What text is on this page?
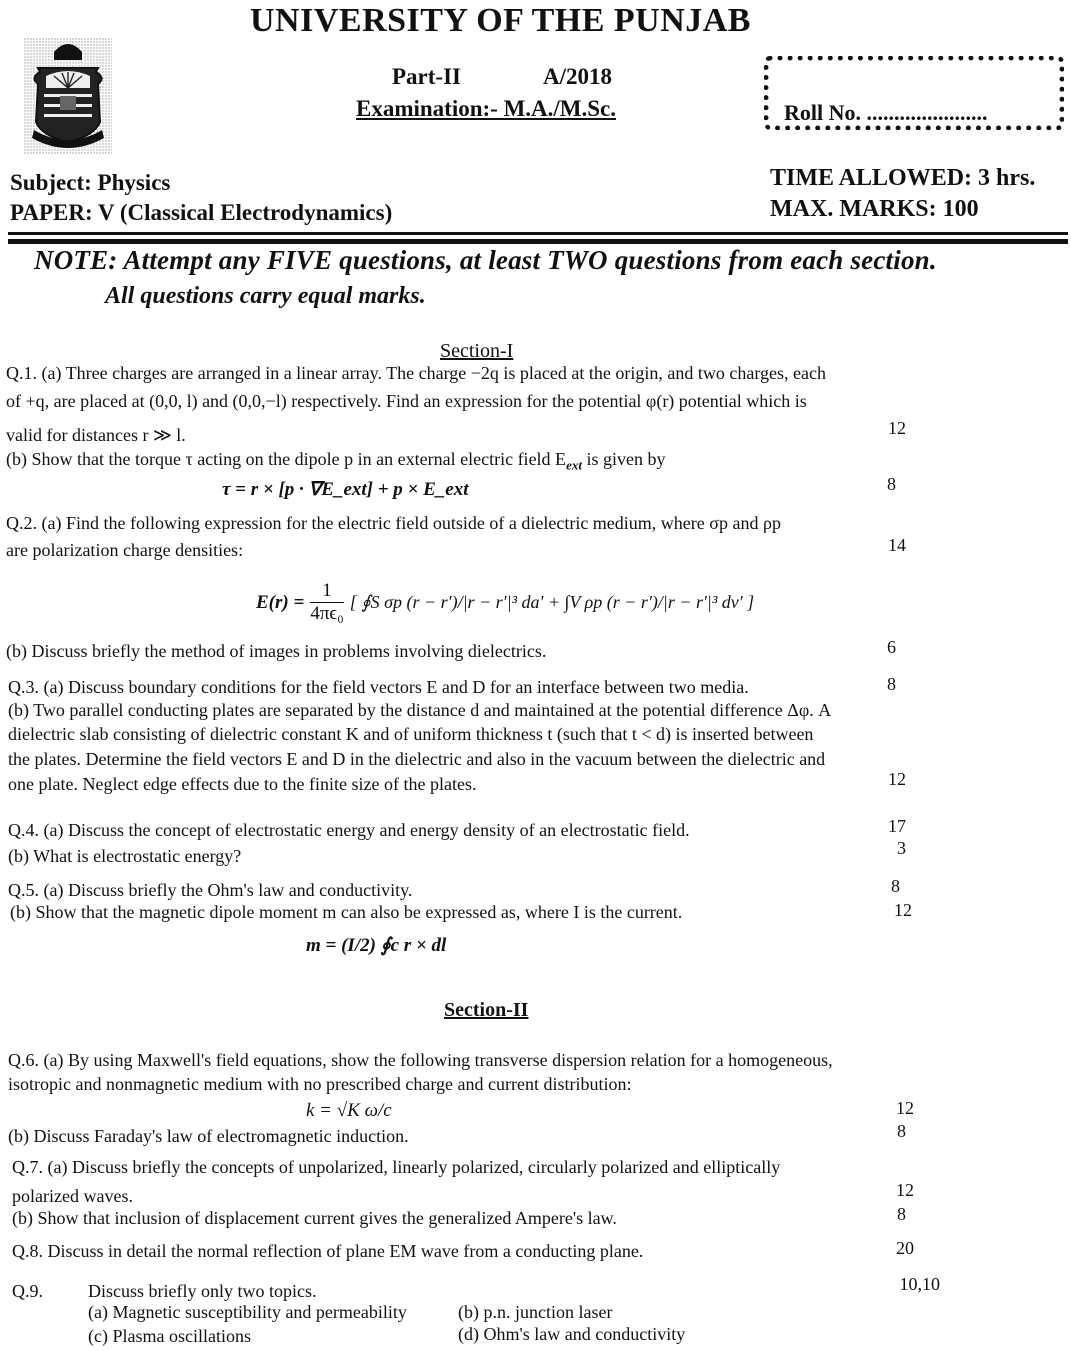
UNIVERSITY OF THE PUNJAB
Part-II	A/2018
Examination:- M.A./M.Sc.	Roll No. ......................
Subject: Physics
PAPER: V (Classical Electrodynamics)
TIME ALLOWED: 3 hrs.
MAX. MARKS: 100
NOTE: Attempt any FIVE questions, at least TWO questions from each section.
All questions carry equal marks.
Section-I
Q.1. (a) Three charges are arranged in a linear array. The charge −2q is placed at the origin, and two charges, each
of +q, are placed at (0,0, l) and (0,0,−l) respectively. Find an expression for the potential φ(r) potential which is
valid for distances r ≫ l.	12
(b) Show that the torque τ acting on the dipole p in an external electric field $E_{ext}$ is given by
τ = r × [p · ∇E_ext] + p × E_ext	8
Q.2. (a) Find the following expression for the electric field outside of a dielectric medium, where σp and ρp
are polarization charge densities:	14
$E(r) = \frac{1}{\text{4πϵ₀}}$ [ ∮S σp (r − r′)/|r − r′|³ da′ + ∫V ρp (r − r′)/|r − r′|³ dv′ ]
(b) Discuss briefly the method of images in problems involving dielectrics.	6
Q.3. (a) Discuss boundary conditions for the field vectors E and D for an interface between two media.	8
(b) Two parallel conducting plates are separated by the distance d and maintained at the potential difference Δφ. A
dielectric slab consisting of dielectric constant K and of uniform thickness t (such that t < d) is inserted between
the plates. Determine the field vectors E and D in the dielectric and also in the vacuum between the dielectric and
one plate. Neglect edge effects due to the finite size of the plates.	12
Q.4. (a) Discuss the concept of electrostatic energy and energy density of an electrostatic field.	17
(b) What is electrostatic energy?	3
Q.5. (a) Discuss briefly the Ohm's law and conductivity.	8
(b) Show that the magnetic dipole moment m can also be expressed as, where I is the current.	12
m = (I/2) ∮c r × dl
Section-II
Q.6. (a) By using Maxwell's field equations, show the following transverse dispersion relation for a homogeneous,
isotropic and nonmagnetic medium with no prescribed charge and current distribution:
k = √K ω/c	12
(b) Discuss Faraday's law of electromagnetic induction.	8
Q.7. (a) Discuss briefly the concepts of unpolarized, linearly polarized, circularly polarized and elliptically
polarized waves.	12
(b) Show that inclusion of displacement current gives the generalized Ampere's law.	8
Q.8. Discuss in detail the normal reflection of plane EM wave from a conducting plane.	20
Q.9.	Discuss briefly only two topics.	10,10
(a) Magnetic susceptibility and permeability	(b) p.n. junction laser
(c) Plasma oscillations	(d) Ohm's law and conductivity
